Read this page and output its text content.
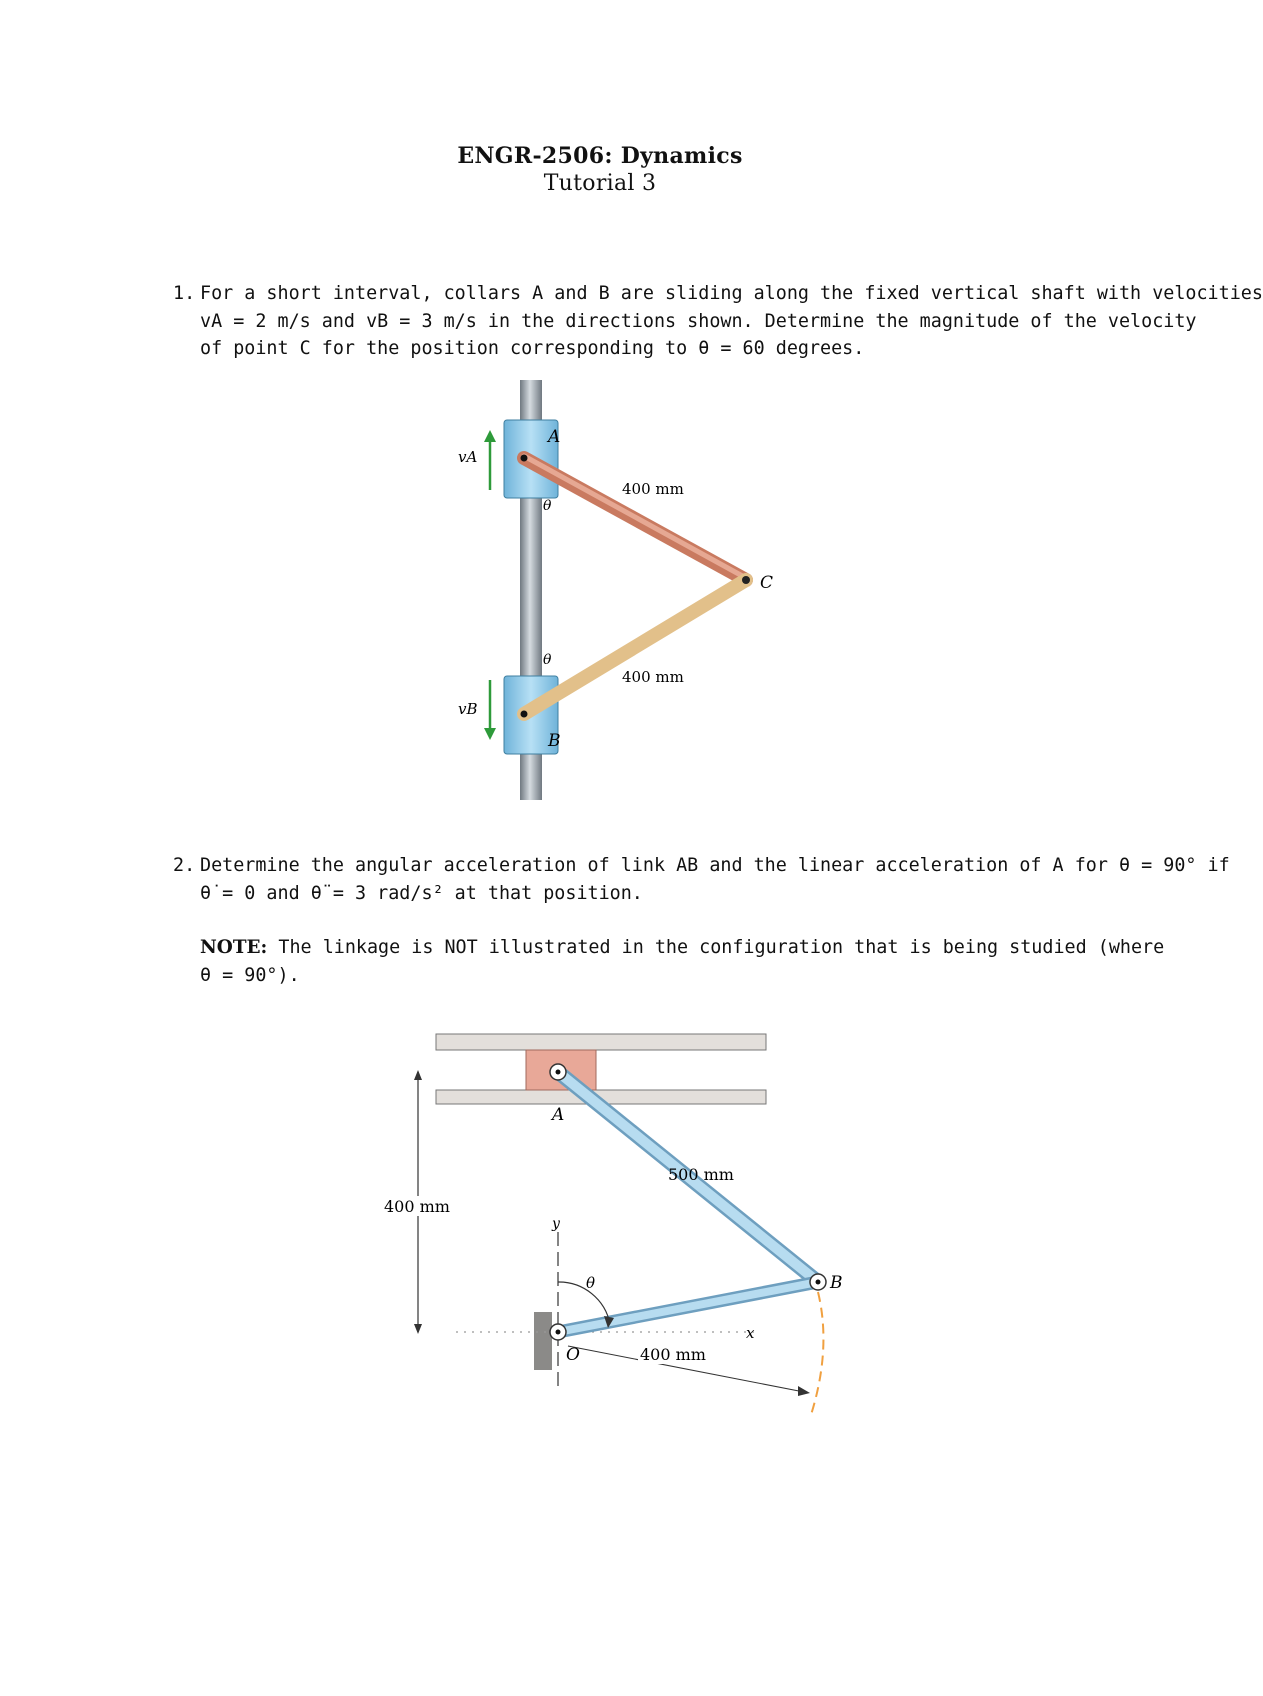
ENGR-2506: Dynamics
Tutorial 3
1. For a short interval, collars A and B are sliding along the fixed vertical shaft with velocities
vA = 2 m/s and vB = 3 m/s in the directions shown. Determine the magnitude of the velocity
of point C for the position corresponding to θ = 60 degrees.
vA
vB
A
B
C
θ
θ
400 mm
400 mm
2. Determine the angular acceleration of link AB and the linear acceleration of A for θ = 90° if
θ̇ = 0 and θ̈ = 3 rad/s² at that position.
NOTE: The linkage is NOT illustrated in the configuration that is being studied (where
θ = 90°).
400 mm
y
x
θ
400 mm
A
B
O
500 mm
